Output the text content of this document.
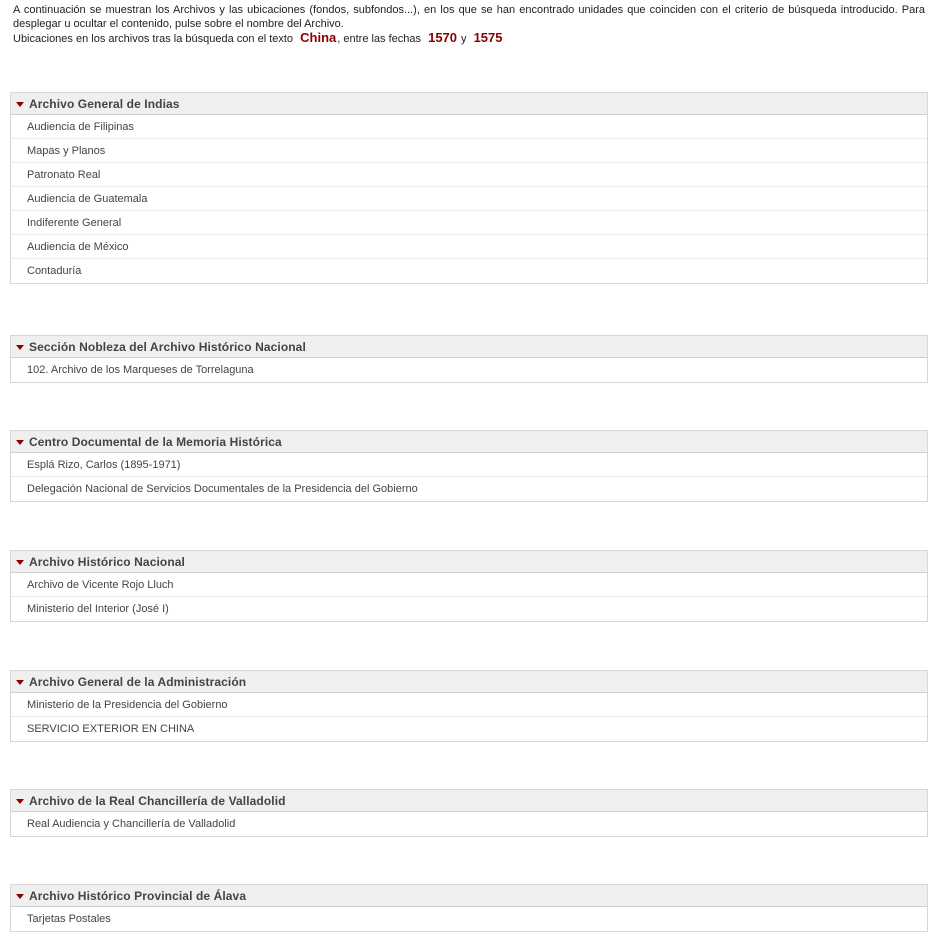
A continuación se muestran los Archivos y las ubicaciones (fondos, subfondos...), en los que se han encontrado unidades que coinciden con el criterio de búsqueda introducido. Para desplegar u ocultar el contenido, pulse sobre el nombre del Archivo.

Ubicaciones en los archivos tras la búsqueda con el texto China, entre las fechas 1570 y 1575
Archivo General de Indias
Audiencia de Filipinas
Mapas y Planos
Patronato Real
Audiencia de Guatemala
Indiferente General
Audiencia de México
Contaduría
Sección Nobleza del Archivo Histórico Nacional
102. Archivo de los Marqueses de Torrelaguna
Centro Documental de la Memoria Histórica
Esplá Rizo, Carlos (1895-1971)
Delegación Nacional de Servicios Documentales de la Presidencia del Gobierno
Archivo Histórico Nacional
Archivo de Vicente Rojo Lluch
Ministerio del Interior (José I)
Archivo General de la Administración
Ministerio de la Presidencia del Gobierno
SERVICIO EXTERIOR EN CHINA
Archivo de la Real Chancillería de Valladolid
Real Audiencia y Chancillería de Valladolid
Archivo Histórico Provincial de Álava
Tarjetas Postales
